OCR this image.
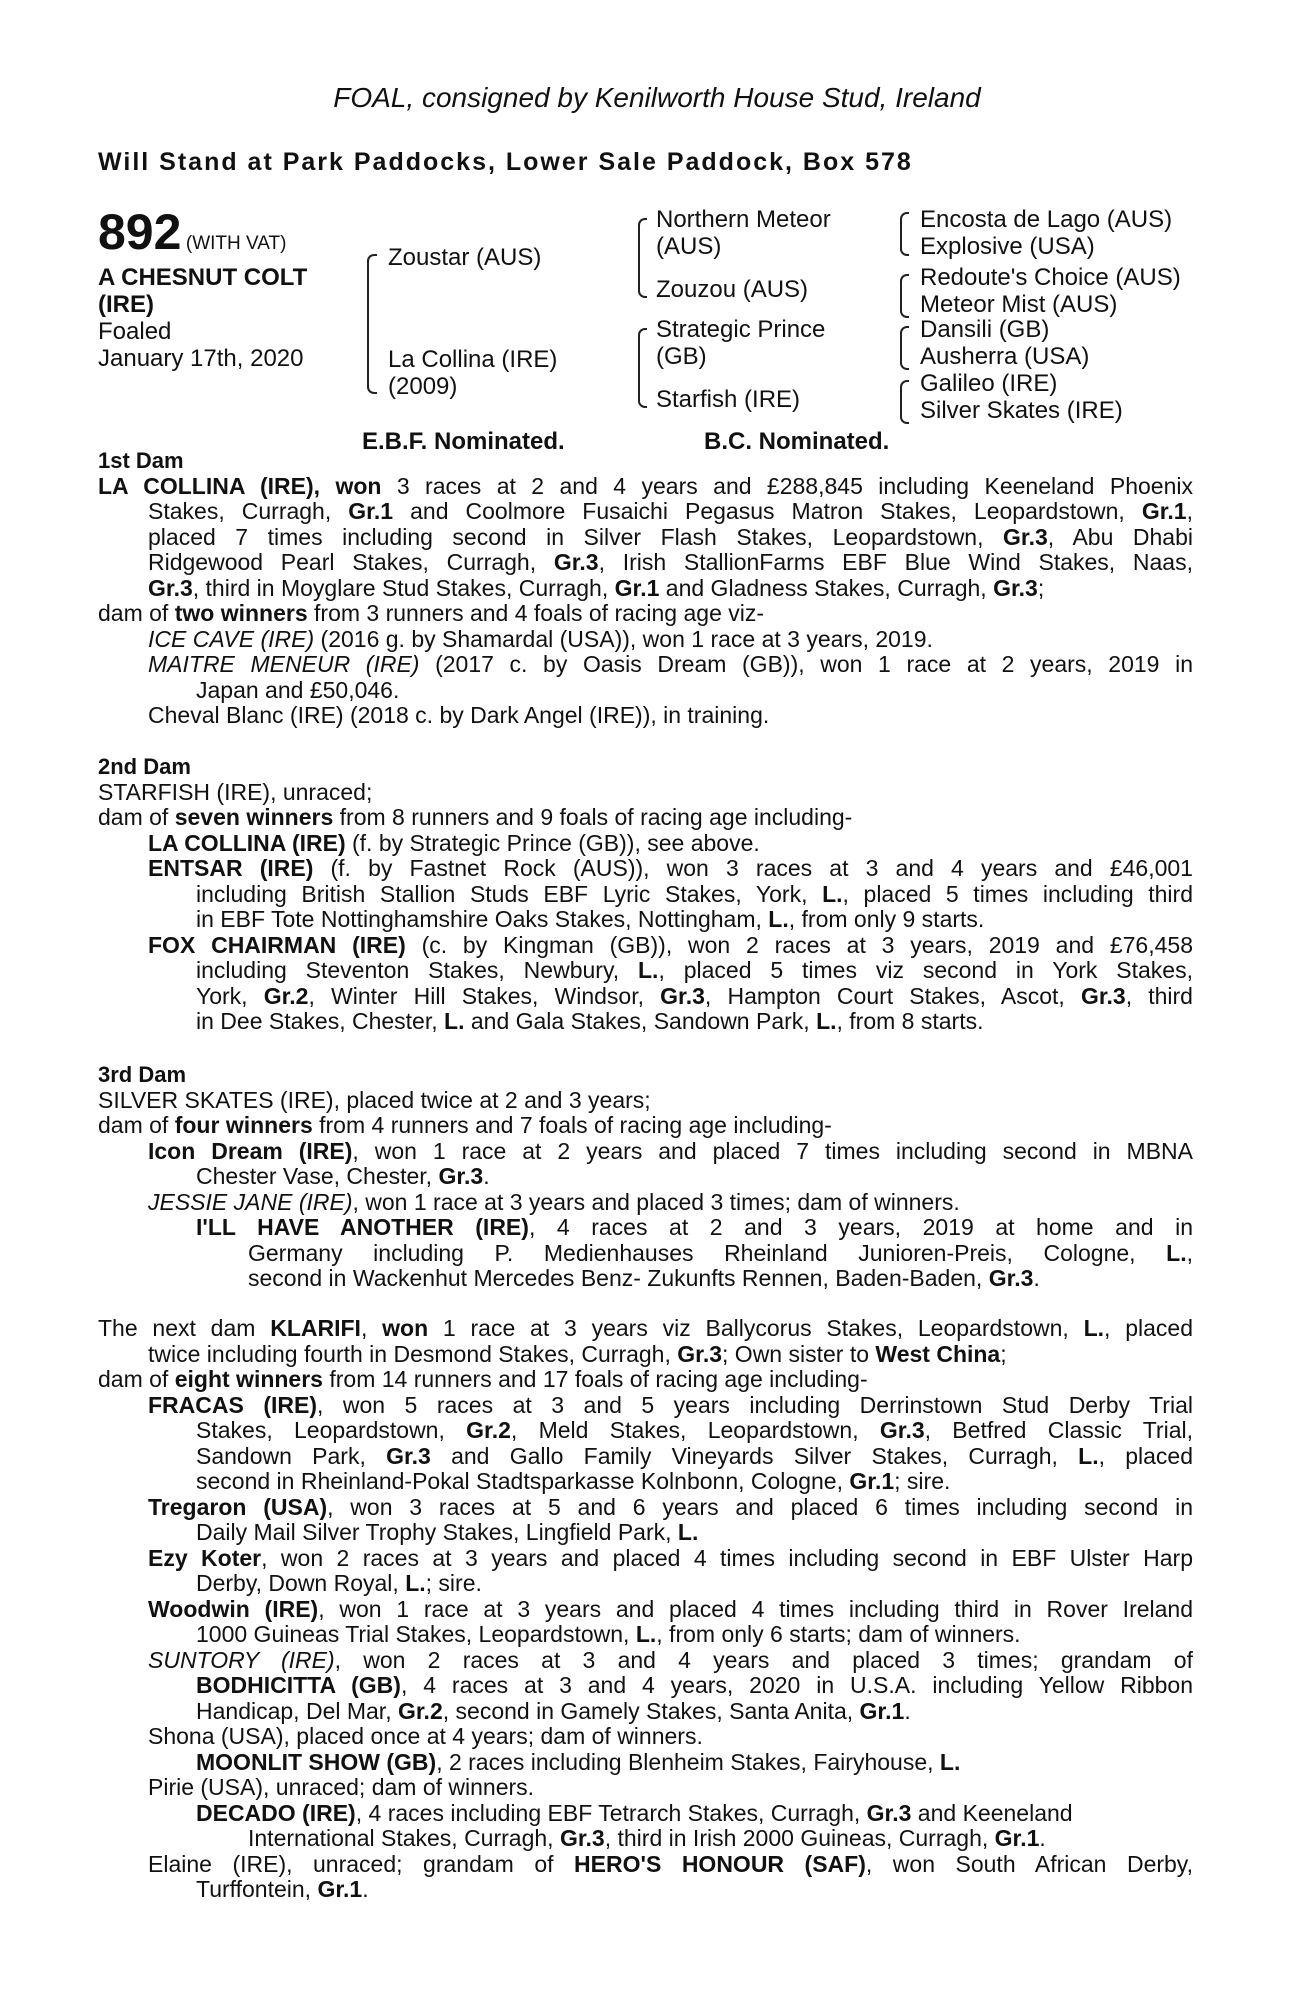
FOAL, consigned by Kenilworth House Stud, Ireland
Will Stand at Park Paddocks, Lower Sale Paddock, Box 578
892 (WITH VAT)
A CHESNUT COLT
(IRE)
Foaled
January 17th, 2020
Zoustar (AUS)
La Collina (IRE)
(2009)
Northern Meteor
(AUS)
Zouzou (AUS)
Strategic Prince
(GB)
Starfish (IRE)
Encosta de Lago (AUS)
Explosive (USA)
Redoute's Choice (AUS)
Meteor Mist (AUS)
Dansili (GB)
Ausherra (USA)
Galileo (IRE)
Silver Skates (IRE)
E.B.F. Nominated.	B.C. Nominated.
1st Dam
LA COLLINA (IRE), won 3 races at 2 and 4 years and £288,845 including Keeneland Phoenix
Stakes, Curragh, Gr.1 and Coolmore Fusaichi Pegasus Matron Stakes, Leopardstown, Gr.1,
placed 7 times including second in Silver Flash Stakes, Leopardstown, Gr.3, Abu Dhabi
Ridgewood Pearl Stakes, Curragh, Gr.3, Irish StallionFarms EBF Blue Wind Stakes, Naas,
Gr.3, third in Moyglare Stud Stakes, Curragh, Gr.1 and Gladness Stakes, Curragh, Gr.3;
dam of two winners from 3 runners and 4 foals of racing age viz-
ICE CAVE (IRE) (2016 g. by Shamardal (USA)), won 1 race at 3 years, 2019.
MAITRE MENEUR (IRE) (2017 c. by Oasis Dream (GB)), won 1 race at 2 years, 2019 in
Japan and £50,046.
Cheval Blanc (IRE) (2018 c. by Dark Angel (IRE)), in training.
2nd Dam
STARFISH (IRE), unraced;
dam of seven winners from 8 runners and 9 foals of racing age including-
LA COLLINA (IRE) (f. by Strategic Prince (GB)), see above.
ENTSAR (IRE) (f. by Fastnet Rock (AUS)), won 3 races at 3 and 4 years and £46,001
including British Stallion Studs EBF Lyric Stakes, York, L., placed 5 times including third
in EBF Tote Nottinghamshire Oaks Stakes, Nottingham, L., from only 9 starts.
FOX CHAIRMAN (IRE) (c. by Kingman (GB)), won 2 races at 3 years, 2019 and £76,458
including Steventon Stakes, Newbury, L., placed 5 times viz second in York Stakes,
York, Gr.2, Winter Hill Stakes, Windsor, Gr.3, Hampton Court Stakes, Ascot, Gr.3, third
in Dee Stakes, Chester, L. and Gala Stakes, Sandown Park, L., from 8 starts.
3rd Dam
SILVER SKATES (IRE), placed twice at 2 and 3 years;
dam of four winners from 4 runners and 7 foals of racing age including-
Icon Dream (IRE), won 1 race at 2 years and placed 7 times including second in MBNA
Chester Vase, Chester, Gr.3.
JESSIE JANE (IRE), won 1 race at 3 years and placed 3 times; dam of winners.
I'LL HAVE ANOTHER (IRE), 4 races at 2 and 3 years, 2019 at home and in
Germany including P. Medienhauses Rheinland Junioren-Preis, Cologne, L.,
second in Wackenhut Mercedes Benz- Zukunfts Rennen, Baden-Baden, Gr.3.
The next dam KLARIFI, won 1 race at 3 years viz Ballycorus Stakes, Leopardstown, L., placed
twice including fourth in Desmond Stakes, Curragh, Gr.3; Own sister to West China;
dam of eight winners from 14 runners and 17 foals of racing age including-
FRACAS (IRE), won 5 races at 3 and 5 years including Derrinstown Stud Derby Trial
Stakes, Leopardstown, Gr.2, Meld Stakes, Leopardstown, Gr.3, Betfred Classic Trial,
Sandown Park, Gr.3 and Gallo Family Vineyards Silver Stakes, Curragh, L., placed
second in Rheinland-Pokal Stadtsparkasse Kolnbonn, Cologne, Gr.1; sire.
Tregaron (USA), won 3 races at 5 and 6 years and placed 6 times including second in
Daily Mail Silver Trophy Stakes, Lingfield Park, L.
Ezy Koter, won 2 races at 3 years and placed 4 times including second in EBF Ulster Harp
Derby, Down Royal, L.; sire.
Woodwin (IRE), won 1 race at 3 years and placed 4 times including third in Rover Ireland
1000 Guineas Trial Stakes, Leopardstown, L., from only 6 starts; dam of winners.
SUNTORY (IRE), won 2 races at 3 and 4 years and placed 3 times; grandam of
BODHICITTA (GB), 4 races at 3 and 4 years, 2020 in U.S.A. including Yellow Ribbon
Handicap, Del Mar, Gr.2, second in Gamely Stakes, Santa Anita, Gr.1.
Shona (USA), placed once at 4 years; dam of winners.
MOONLIT SHOW (GB), 2 races including Blenheim Stakes, Fairyhouse, L.
Pirie (USA), unraced; dam of winners.
DECADO (IRE), 4 races including EBF Tetrarch Stakes, Curragh, Gr.3 and Keeneland
International Stakes, Curragh, Gr.3, third in Irish 2000 Guineas, Curragh, Gr.1.
Elaine (IRE), unraced; grandam of HERO'S HONOUR (SAF), won South African Derby,
Turffontein, Gr.1.
